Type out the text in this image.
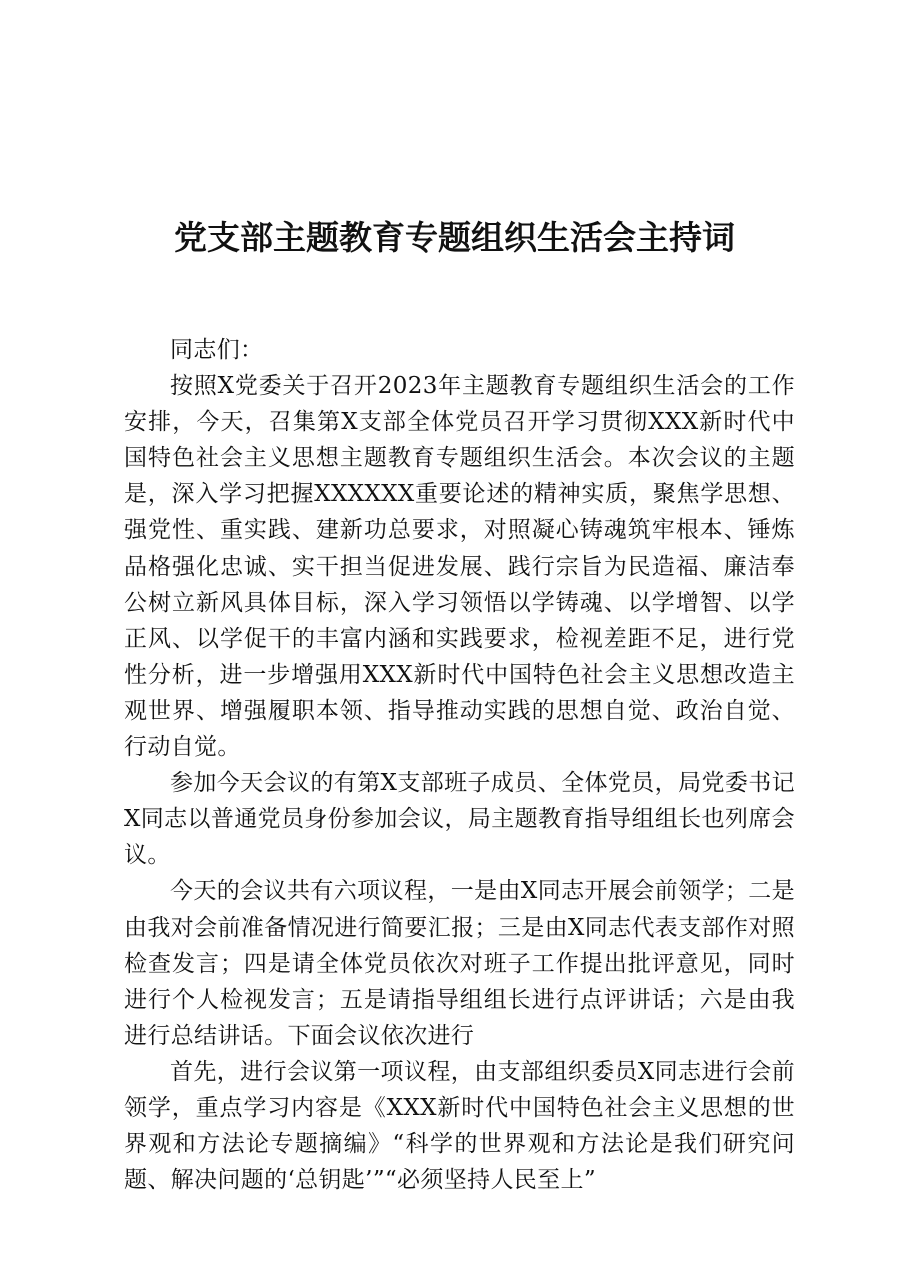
党支部主题教育专题组织生活会主持词

同志们：

按照X党委关于召开2023年主题教育专题组织生活会的工作安排，今天，召集第X支部全体党员召开学习贯彻XXX新时代中国特色社会主义思想主题教育专题组织生活会。本次会议的主题是，深入学习把握XXXXXX重要论述的精神实质，聚焦学思想、强党性、重实践、建新功总要求，对照凝心铸魂筑牢根本、锤炼品格强化忠诚、实干担当促进发展、践行宗旨为民造福、廉洁奉公树立新风具体目标，深入学习领悟以学铸魂、以学增智、以学正风、以学促干的丰富内涵和实践要求，检视差距不足，进行党性分析，进一步增强用XXX新时代中国特色社会主义思想改造主观世界、增强履职本领、指导推动实践的思想自觉、政治自觉、行动自觉。

参加今天会议的有第X支部班子成员、全体党员，局党委书记X同志以普通党员身份参加会议，局主题教育指导组组长也列席会议。

今天的会议共有六项议程，一是由X同志开展会前领学；二是由我对会前准备情况进行简要汇报；三是由X同志代表支部作对照检查发言；四是请全体党员依次对班子工作提出批评意见，同时进行个人检视发言；五是请指导组组长进行点评讲话；六是由我进行总结讲话。下面会议依次进行

首先，进行会议第一项议程，由支部组织委员X同志进行会前领学，重点学习内容是《XXX新时代中国特色社会主义思想的世界观和方法论专题摘编》“科学的世界观和方法论是我们研究问题、解决问题的‘总钥匙’”“必须坚持人民至上”
